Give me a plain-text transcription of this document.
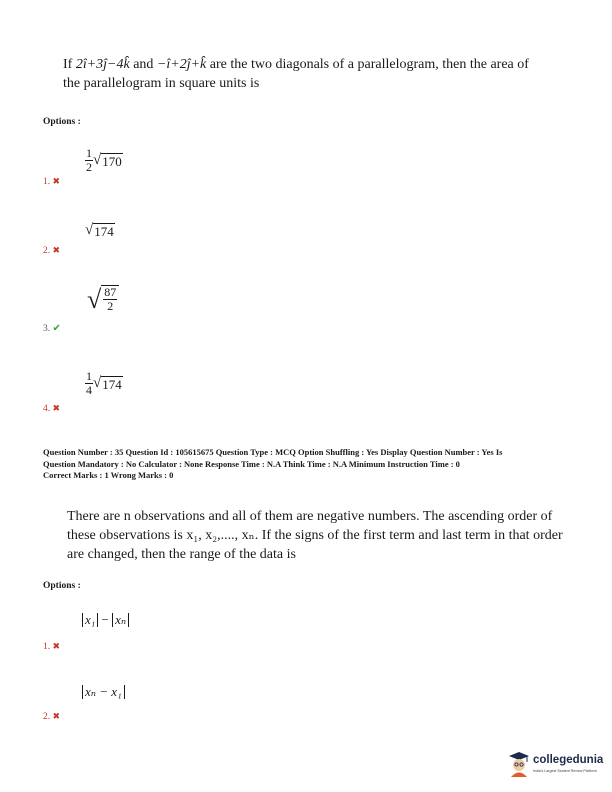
If 2î+3ĵ−4k̂ and −î+2ĵ+k̂ are the two diagonals of a parallelogram, then the area of
the parallelogram in square units is
Options :
$\frac{1}{2}$ √ 170
1. ✖
√ 174
2. ✖
√ $\frac{87}{2}$
3. ✔
$\frac{1}{4}$ √ 174
4. ✖
Question Number : 35 Question Id : 105615675 Question Type : MCQ Option Shuffling : Yes Display Question Number : Yes Is
Question Mandatory : No Calculator : None Response Time : N.A Think Time : N.A Minimum Instruction Time : 0
Correct Marks : 1 Wrong Marks : 0
There are n observations and all of them are negative numbers. The ascending order of
these observations is x₁, x₂,...., xₙ. If the signs of the first term and last term in that order
are changed, then the range of the data is
Options :
x₁ − xₙ
1. ✖
xₙ − x₁
2. ✖
collegedunia
India's Largest Student Review Platform
